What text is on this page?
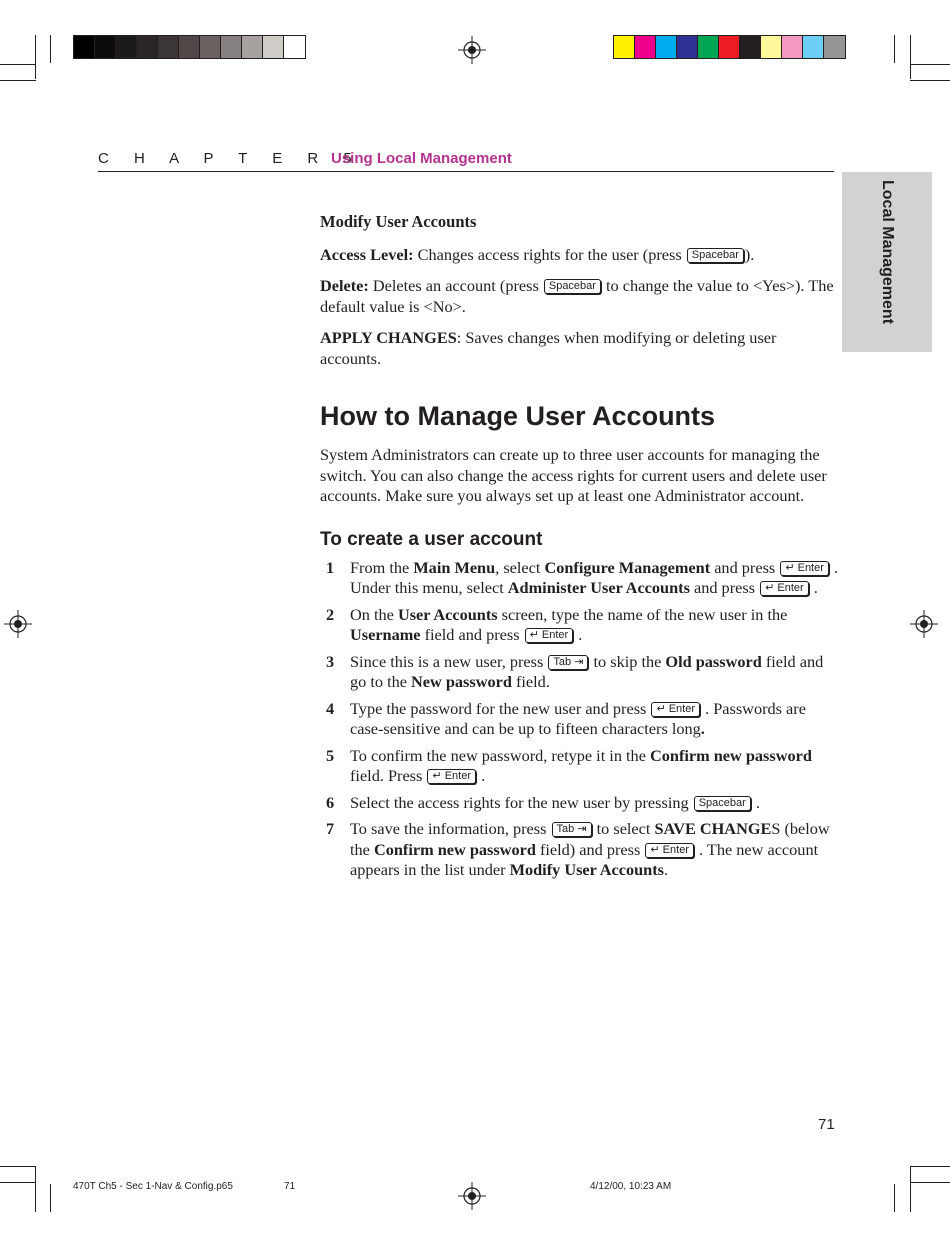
C H A P T E R 5
Using Local Management
Local Management
Modify User Accounts
Access Level: Changes access rights for the user (press Spacebar ).
Delete: Deletes an account (press Spacebar to change the value to <Yes>). The default value is <No>.
APPLY CHANGES: Saves changes when modifying or deleting user accounts.
How to Manage User Accounts
System Administrators can create up to three user accounts for managing the switch. You can also change the access rights for current users and delete user accounts. Make sure you always set up at least one Administrator account.
To create a user account
1 From the Main Menu, select Configure Management and press ↵ Enter . Under this menu, select Administer User Accounts and press ↵ Enter .
2 On the User Accounts screen, type the name of the new user in the Username field and press ↵ Enter .
3 Since this is a new user, press Tab ⇥ to skip the Old password field and go to the New password field.
4 Type the password for the new user and press ↵ Enter . Passwords are case-sensitive and can be up to fifteen characters long.
5 To confirm the new password, retype it in the Confirm new password field. Press ↵ Enter .
6 Select the access rights for the new user by pressing Spacebar .
7 To save the information, press Tab ⇥ to select SAVE CHANGES (below the Confirm new password field) and press ↵ Enter . The new account appears in the list under Modify User Accounts.
71
470T Ch5 - Sec 1-Nav & Config.p65	71	4/12/00, 10:23 AM
